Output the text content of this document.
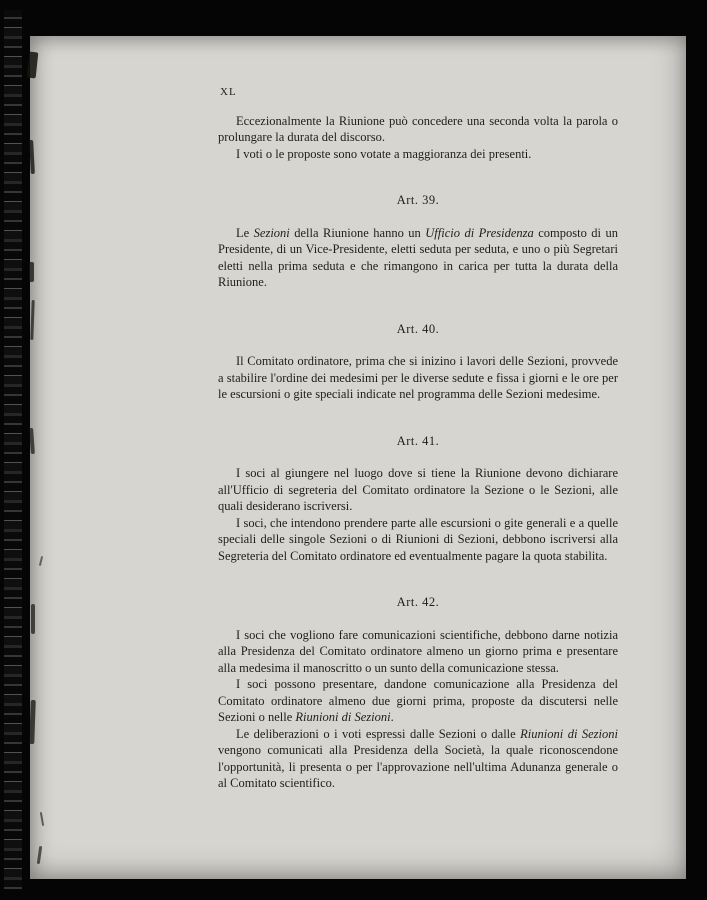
XL

Eccezionalmente la Riunione può concedere una seconda volta la parola o prolungare la durata del discorso.

I voti o le proposte sono votate a maggioranza dei presenti.

Art. 39.

Le Sezioni della Riunione hanno un Ufficio di Presidenza composto di un Presidente, di un Vice-Presidente, eletti seduta per seduta, e uno o più Segretari eletti nella prima seduta e che rimangono in carica per tutta la durata della Riunione.

Art. 40.

Il Comitato ordinatore, prima che si inizino i lavori delle Sezioni, provvede a stabilire l'ordine dei medesimi per le diverse sedute e fissa i giorni e le ore per le escursioni o gite speciali indicate nel programma delle Sezioni medesime.

Art. 41.

I soci al giungere nel luogo dove si tiene la Riunione devono dichiarare all'Ufficio di segreteria del Comitato ordinatore la Sezione o le Sezioni, alle quali desiderano iscriversi.

I soci, che intendono prendere parte alle escursioni o gite generali e a quelle speciali delle singole Sezioni o di Riunioni di Sezioni, debbono iscriversi alla Segreteria del Comitato ordinatore ed eventualmente pagare la quota stabilita.

Art. 42.

I soci che vogliono fare comunicazioni scientifiche, debbono darne notizia alla Presidenza del Comitato ordinatore almeno un giorno prima e presentare alla medesima il manoscritto o un sunto della comunicazione stessa.

I soci possono presentare, dandone comunicazione alla Presidenza del Comitato ordinatore almeno due giorni prima, proposte da discutersi nelle Sezioni o nelle Riunioni di Sezioni.

Le deliberazioni o i voti espressi dalle Sezioni o dalle Riunioni di Sezioni vengono comunicati alla Presidenza della Società, la quale riconoscendone l'opportunità, li presenta o per l'approvazione nell'ultima Adunanza generale o al Comitato scientifico.
